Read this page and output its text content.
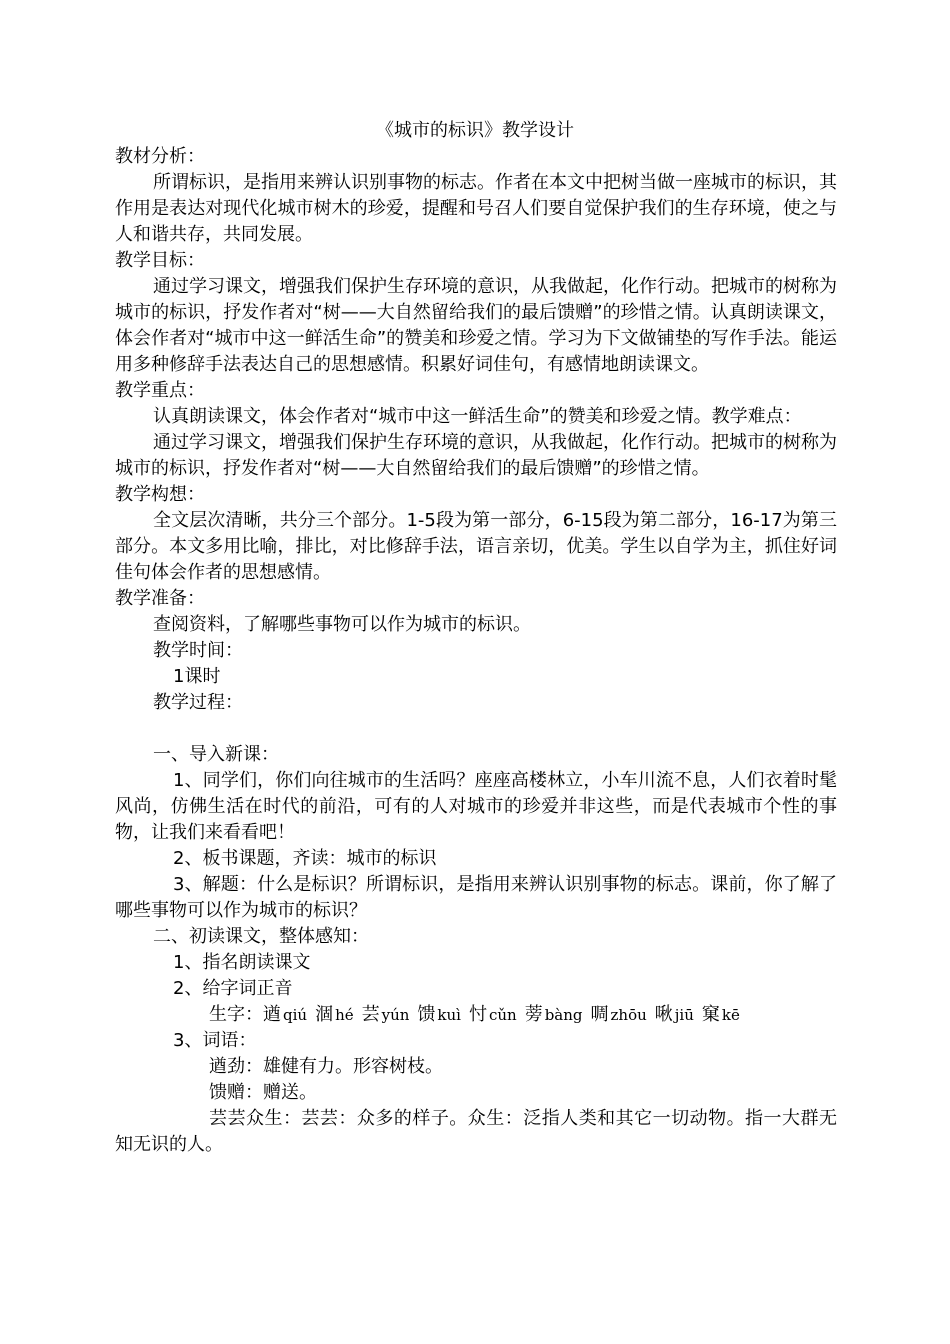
《城市的标识》教学设计
教材分析：
所谓标识，是指用来辨认识别事物的标志。作者在本文中把树当做一座城市的标识，其作用是表达对现代化城市树木的珍爱，提醒和号召人们要自觉保护我们的生存环境，使之与人和谐共存，共同发展。
教学目标：
通过学习课文，增强我们保护生存环境的意识，从我做起，化作行动。把城市的树称为城市的标识，抒发作者对“树——大自然留给我们的最后馈赠”的珍惜之情。认真朗读课文，体会作者对“城市中这一鲜活生命”的赞美和珍爱之情。学习为下文做铺垫的写作手法。能运用多种修辞手法表达自己的思想感情。积累好词佳句，有感情地朗读课文。
教学重点：
认真朗读课文，体会作者对“城市中这一鲜活生命”的赞美和珍爱之情。教学难点：
通过学习课文，增强我们保护生存环境的意识，从我做起，化作行动。把城市的树称为城市的标识，抒发作者对“树——大自然留给我们的最后馈赠”的珍惜之情。
教学构想：
全文层次清晰，共分三个部分。1-5段为第一部分，6-15段为第二部分，16-17为第三部分。本文多用比喻，排比，对比修辞手法，语言亲切，优美。学生以自学为主，抓住好词佳句体会作者的思想感情。
教学准备：
查阅资料，了解哪些事物可以作为城市的标识。
教学时间：
1课时
教学过程：
一、导入新课：
1、同学们，你们向往城市的生活吗？座座高楼林立，小车川流不息，人们衣着时髦风尚，仿佛生活在时代的前沿，可有的人对城市的珍爱并非这些，而是代表城市个性的事物，让我们来看看吧！
2、板书课题，齐读：城市的标识
3、解题：什么是标识？所谓标识，是指用来辨认识别事物的标志。课前，你了解了哪些事物可以作为城市的标识？
二、初读课文，整体感知：
1、指名朗读课文
2、给字词正音
生字：遒 qiú 涸 hé 芸 yún 馈 kuì 忖 cǔn 蒡 bàng 啁 zhōu 啾 jiū 窠 kē
3、词语：
遒劲：雄健有力。形容树枝。
馈赠：赠送。
芸芸众生：芸芸：众多的样子。众生：泛指人类和其它一切动物。指一大群无知无识的人。
